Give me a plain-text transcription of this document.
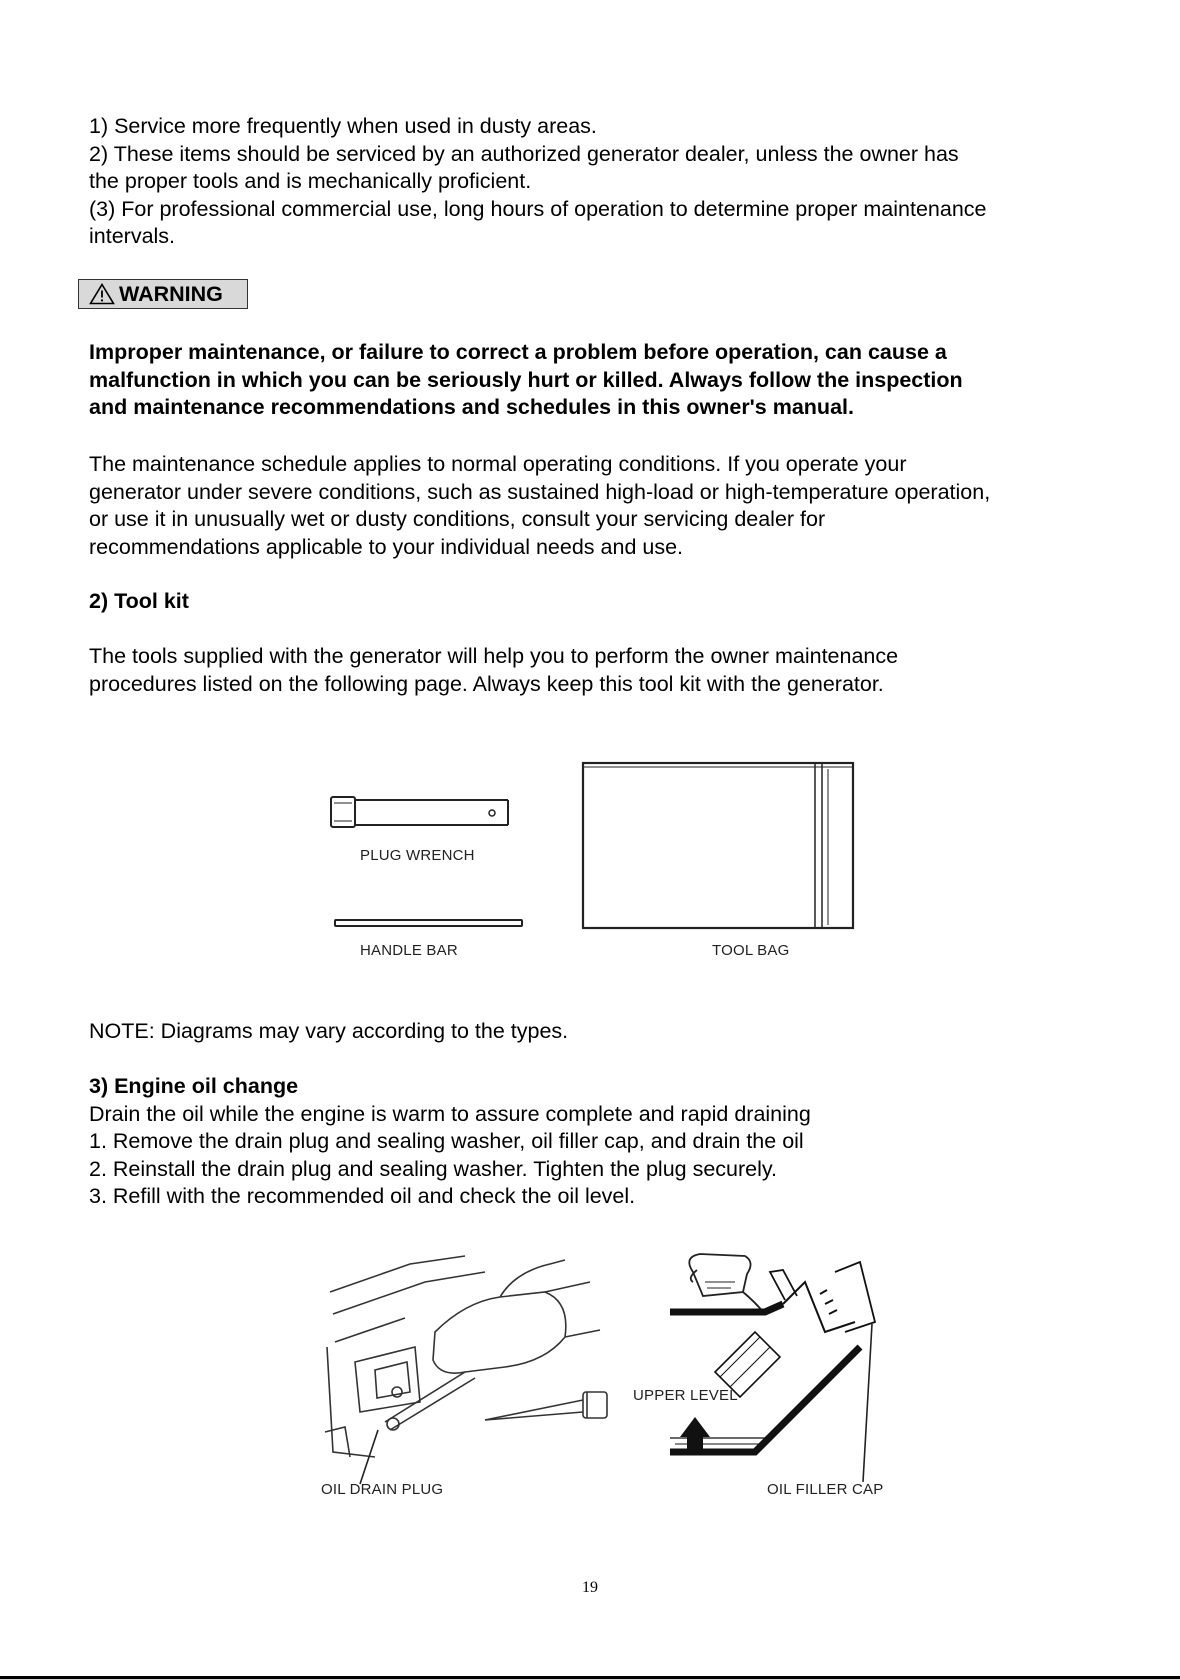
1) Service more frequently when used in dusty areas.

2) These items should be serviced by an authorized generator dealer, unless the owner has

the proper tools and is mechanically proficient.

(3) For professional commercial use, long hours of operation to determine proper maintenance

intervals.

WARNING

Improper maintenance, or failure to correct a problem before operation, can cause a

malfunction in which you can be seriously hurt or killed. Always follow the inspection

and maintenance recommendations and schedules in this owner's manual.

The maintenance schedule applies to normal operating conditions. If you operate your

generator under severe conditions, such as sustained high-load or high-temperature operation,

or use it in unusually wet or dusty conditions, consult your servicing dealer for

recommendations applicable to your individual needs and use.

2) Tool kit

The tools supplied with the generator will help you to perform the owner maintenance

procedures listed on the following page. Always keep this tool kit with the generator.

PLUG WRENCH
HANDLE BAR	TOOL BAG

NOTE: Diagrams may vary according to the types.

3) Engine oil change

Drain the oil while the engine is warm to assure complete and rapid draining

1. Remove the drain plug and sealing washer, oil filler cap, and drain the oil

2. Reinstall the drain plug and sealing washer. Tighten the plug securely.

3. Refill with the recommended oil and check the oil level.

OIL DRAIN PLUG
UPPER LEVEL
OIL FILLER CAP
19
